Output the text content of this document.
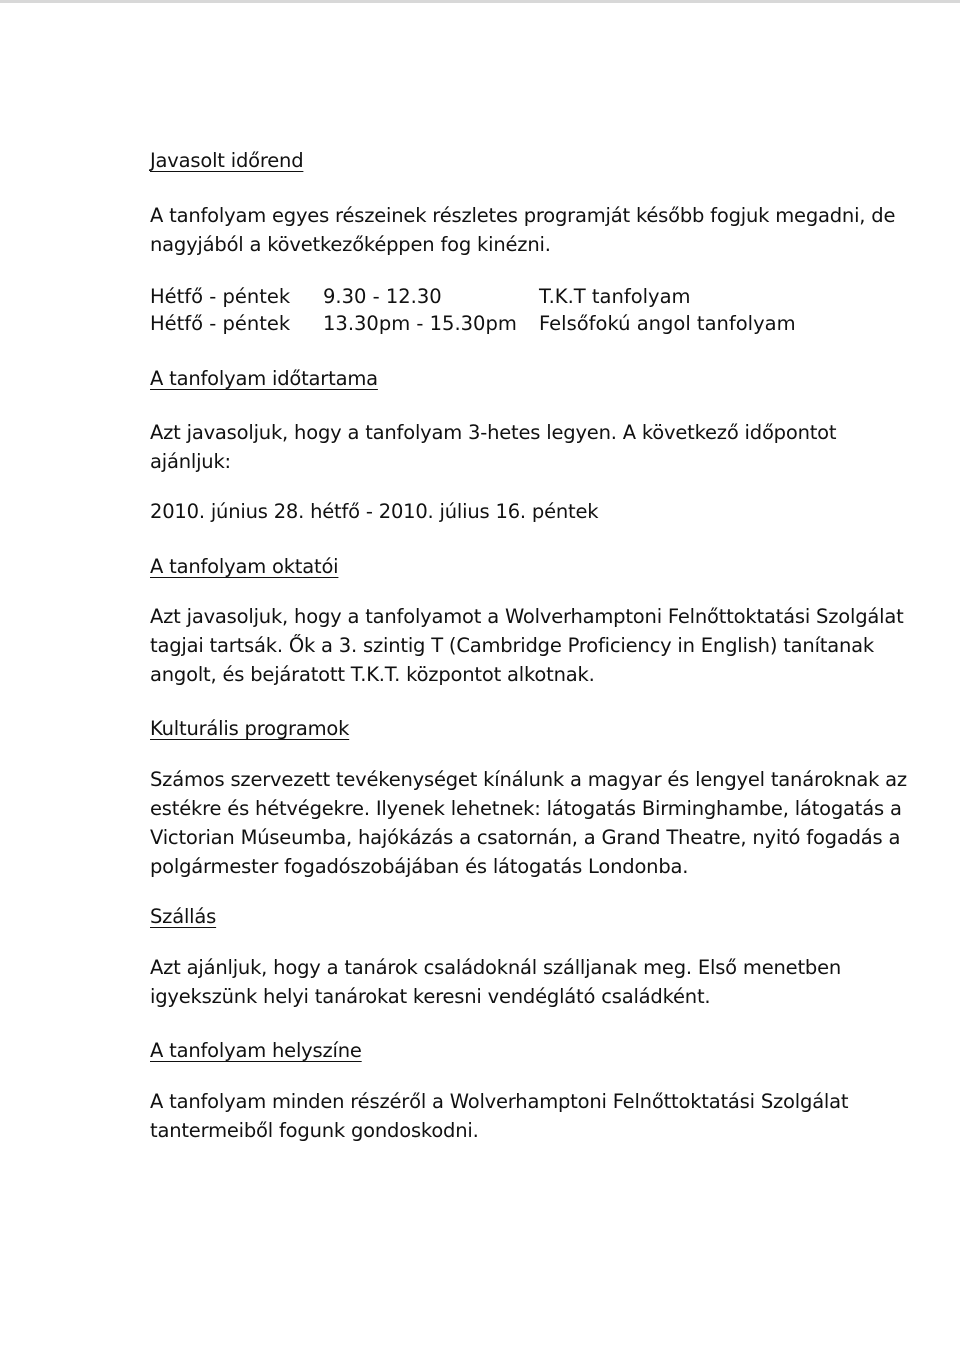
Javasolt időrend
A tanfolyam egyes részeinek részletes programját később fogjuk megadni, de
nagyjából a következőképpen fog kinézni.
Hétfő - péntek 9.30 - 12.30	T.K.T tanfolyam
Hétfő - péntek 13.30pm - 15.30pm Felsőfokú angol tanfolyam
A tanfolyam időtartama
Azt javasoljuk, hogy a tanfolyam 3-hetes legyen. A következő időpontot
ajánljuk:
2010. június 28. hétfő - 2010. július 16. péntek
A tanfolyam oktatói
Azt javasoljuk, hogy a tanfolyamot a Wolverhamptoni Felnőttoktatási Szolgálat
tagjai tartsák. Ők a 3. szintig T (Cambridge Proficiency in English) tanítanak
angolt, és bejáratott T.K.T. központot alkotnak.
Kulturális programok
Számos szervezett tevékenységet kínálunk a magyar és lengyel tanároknak az
estékre és hétvégekre. Ilyenek lehetnek: látogatás Birminghambe, látogatás a
Victorian Múseumba, hajókázás a csatornán, a Grand Theatre, nyitó fogadás a
polgármester fogadószobájában és látogatás Londonba.
Szállás
Azt ajánljuk, hogy a tanárok családoknál szálljanak meg. Első menetben
igyekszünk helyi tanárokat keresni vendéglátó családként.
A tanfolyam helyszíne
A tanfolyam minden részéről a Wolverhamptoni Felnőttoktatási Szolgálat
tantermeiből fogunk gondoskodni.
